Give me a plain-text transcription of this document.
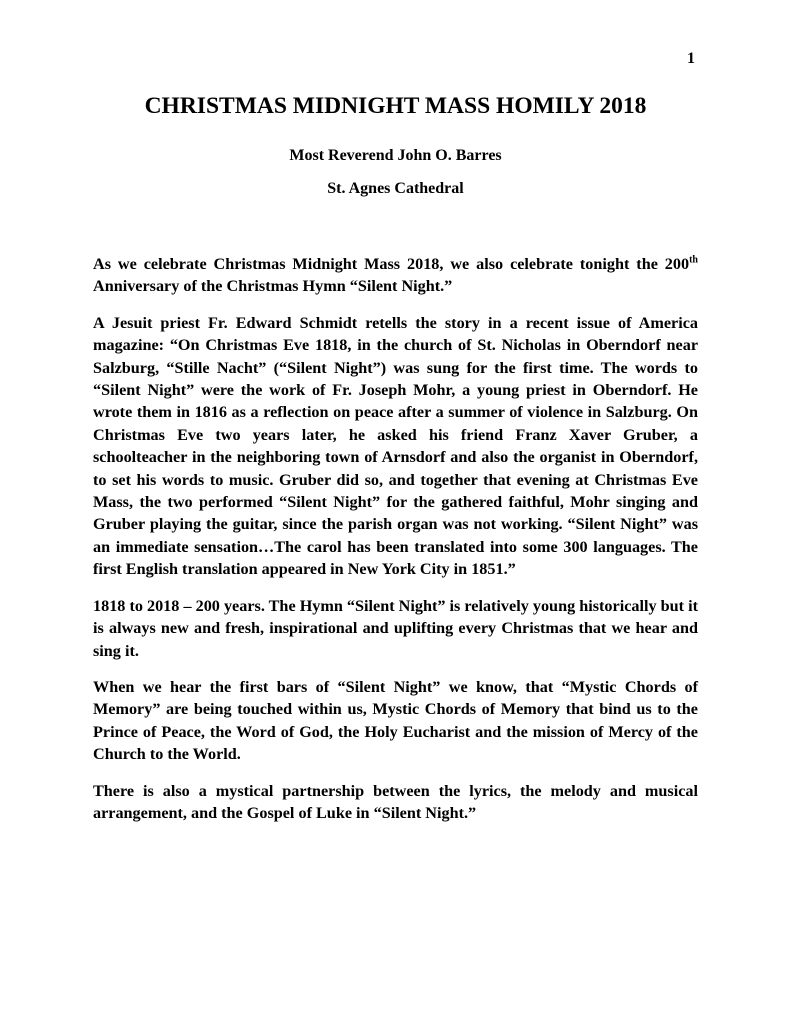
1
CHRISTMAS MIDNIGHT MASS HOMILY 2018
Most Reverend John O. Barres
St. Agnes Cathedral

As we celebrate Christmas Midnight Mass 2018, we also celebrate tonight the 200th Anniversary of the Christmas Hymn “Silent Night.”

A Jesuit priest Fr. Edward Schmidt retells the story in a recent issue of America magazine: “On Christmas Eve 1818, in the church of St. Nicholas in Oberndorf near Salzburg, “Stille Nacht” (“Silent Night”) was sung for the first time. The words to “Silent Night” were the work of Fr. Joseph Mohr, a young priest in Oberndorf. He wrote them in 1816 as a reflection on peace after a summer of violence in Salzburg. On Christmas Eve two years later, he asked his friend Franz Xaver Gruber, a schoolteacher in the neighboring town of Arnsdorf and also the organist in Oberndorf, to set his words to music. Gruber did so, and together that evening at Christmas Eve Mass, the two performed “Silent Night” for the gathered faithful, Mohr singing and Gruber playing the guitar, since the parish organ was not working. “Silent Night” was an immediate sensation…The carol has been translated into some 300 languages. The first English translation appeared in New York City in 1851.”

1818 to 2018 – 200 years. The Hymn “Silent Night” is relatively young historically but it is always new and fresh, inspirational and uplifting every Christmas that we hear and sing it.

When we hear the first bars of “Silent Night” we know, that “Mystic Chords of Memory” are being touched within us, Mystic Chords of Memory that bind us to the Prince of Peace, the Word of God, the Holy Eucharist and the mission of Mercy of the Church to the World.

There is also a mystical partnership between the lyrics, the melody and musical arrangement, and the Gospel of Luke in “Silent Night.”
